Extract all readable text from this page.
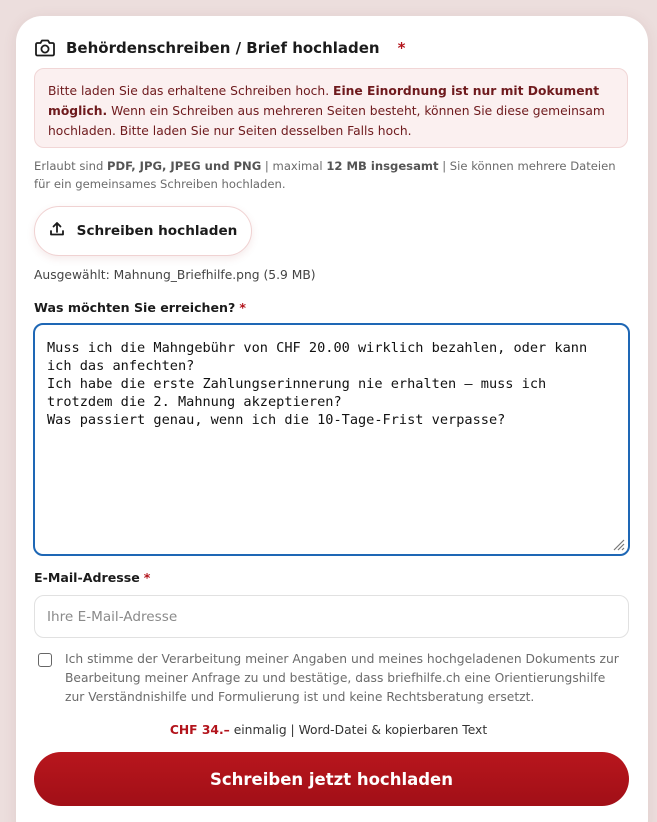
Behördenschreiben / Brief hochladen *
Bitte laden Sie das erhaltene Schreiben hoch. Eine Einordnung ist nur mit Dokument möglich. Wenn ein Schreiben aus mehreren Seiten besteht, können Sie diese gemeinsam hochladen. Bitte laden Sie nur Seiten desselben Falls hoch.
Erlaubt sind PDF, JPG, JPEG und PNG | maximal 12 MB insgesamt | Sie können mehrere Dateien für ein gemeinsames Schreiben hochladen.
Schreiben hochladen
Ausgewählt: Mahnung_Briefhilfe.png (5.9 MB)
Was möchten Sie erreichen? *
Muss ich die Mahngebühr von CHF 20.00 wirklich bezahlen, oder kann ich das anfechten? Ich habe die erste Zahlungserinnerung nie erhalten – muss ich trotzdem die 2. Mahnung akzeptieren? Was passiert genau, wenn ich die 10-Tage-Frist verpasse?
E-Mail-Adresse *
Ihre E-Mail-Adresse
Ich stimme der Verarbeitung meiner Angaben und meines hochgeladenen Dokuments zur Bearbeitung meiner Anfrage zu und bestätige, dass briefhilfe.ch eine Orientierungshilfe zur Verständnishilfe und Formulierung ist und keine Rechtsberatung ersetzt.
CHF 34.– einmalig | Word-Datei & kopierbaren Text
Schreiben jetzt hochladen
